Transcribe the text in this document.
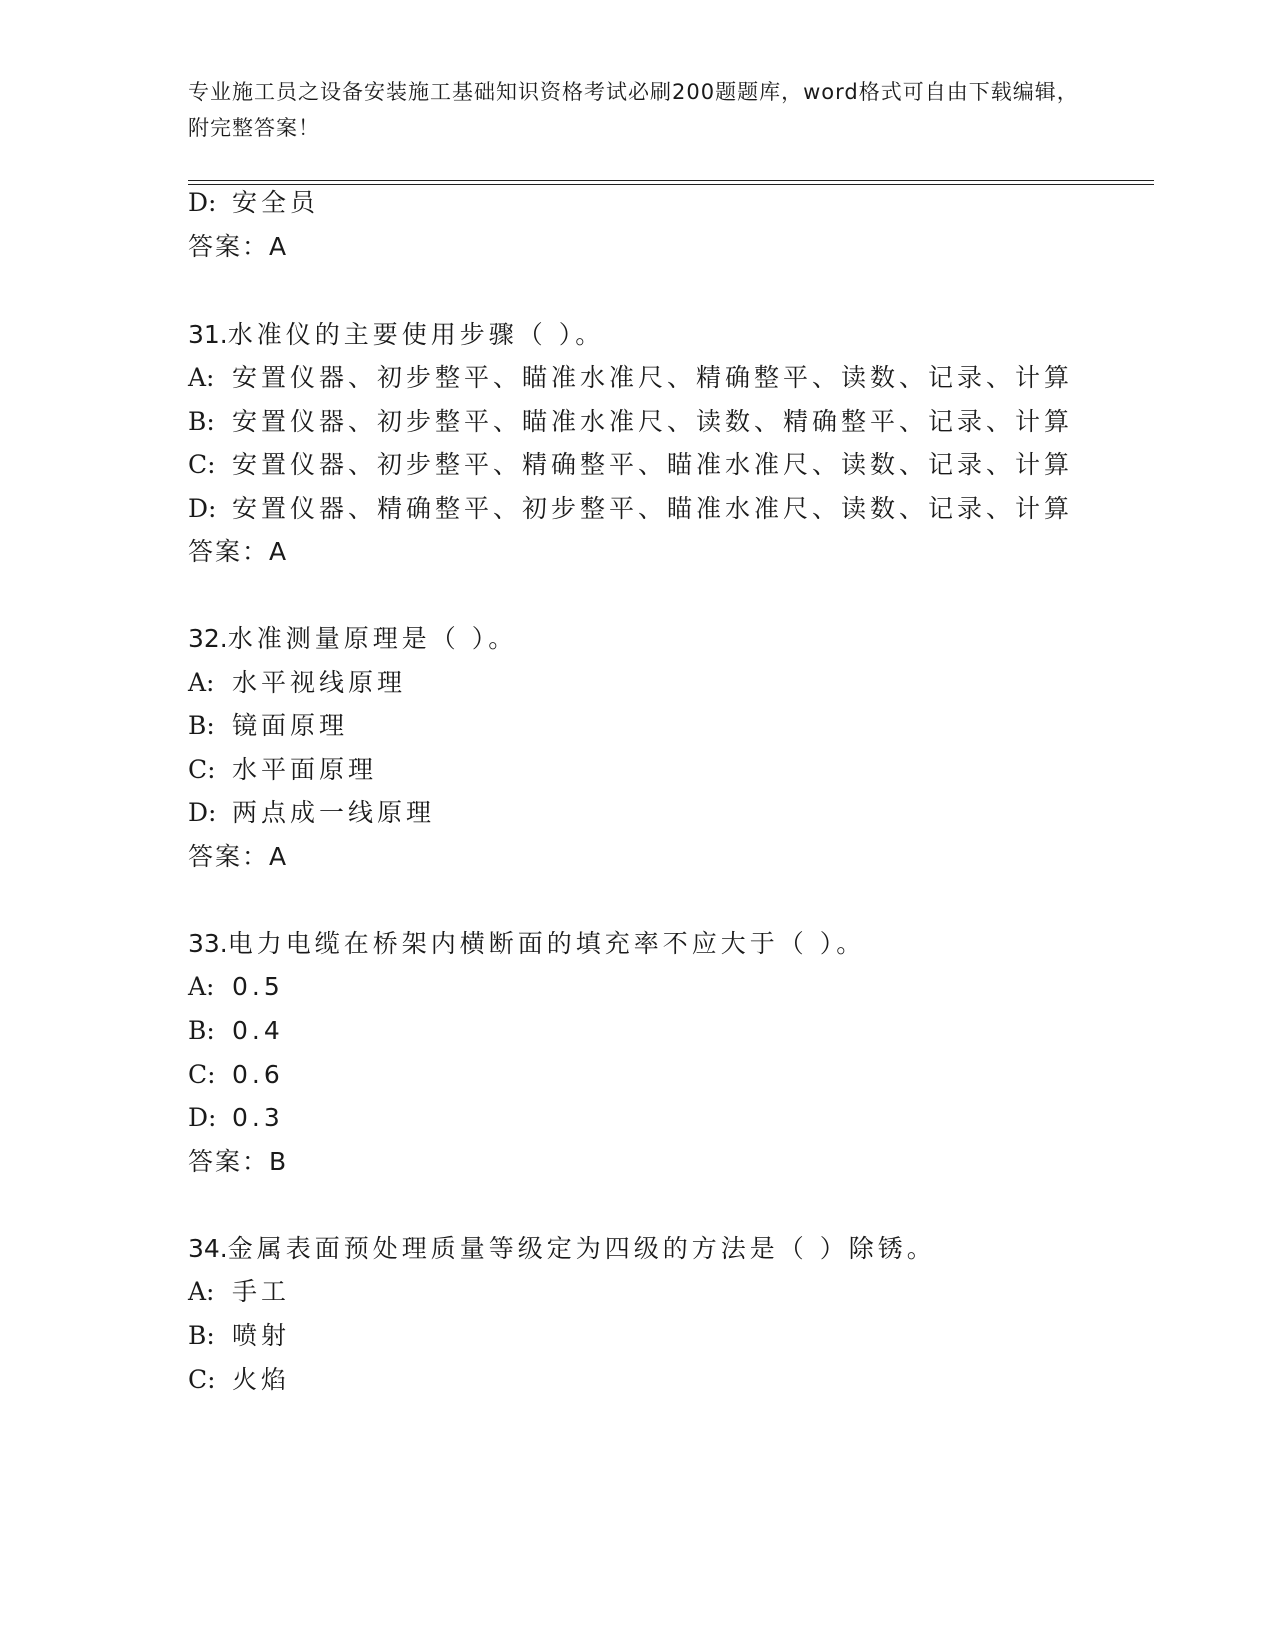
专业施工员之设备安装施工基础知识资格考试必刷200题题库，word格式可自由下载编辑，附完整答案！
D: 安全员
答案：A
31.水准仪的主要使用步骤（ ）。
A: 安置仪器、初步整平、瞄准水准尺、精确整平、读数、记录、计算
B: 安置仪器、初步整平、瞄准水准尺、读数、精确整平、记录、计算
C: 安置仪器、初步整平、精确整平、瞄准水准尺、读数、记录、计算
D: 安置仪器、精确整平、初步整平、瞄准水准尺、读数、记录、计算
答案：A
32.水准测量原理是（ ）。
A: 水平视线原理
B: 镜面原理
C: 水平面原理
D: 两点成一线原理
答案：A
33.电力电缆在桥架内横断面的填充率不应大于（ ）。
A: 0.5
B: 0.4
C: 0.6
D: 0.3
答案：B
34.金属表面预处理质量等级定为四级的方法是（ ）除锈。
A: 手工
B: 喷射
C: 火焰
